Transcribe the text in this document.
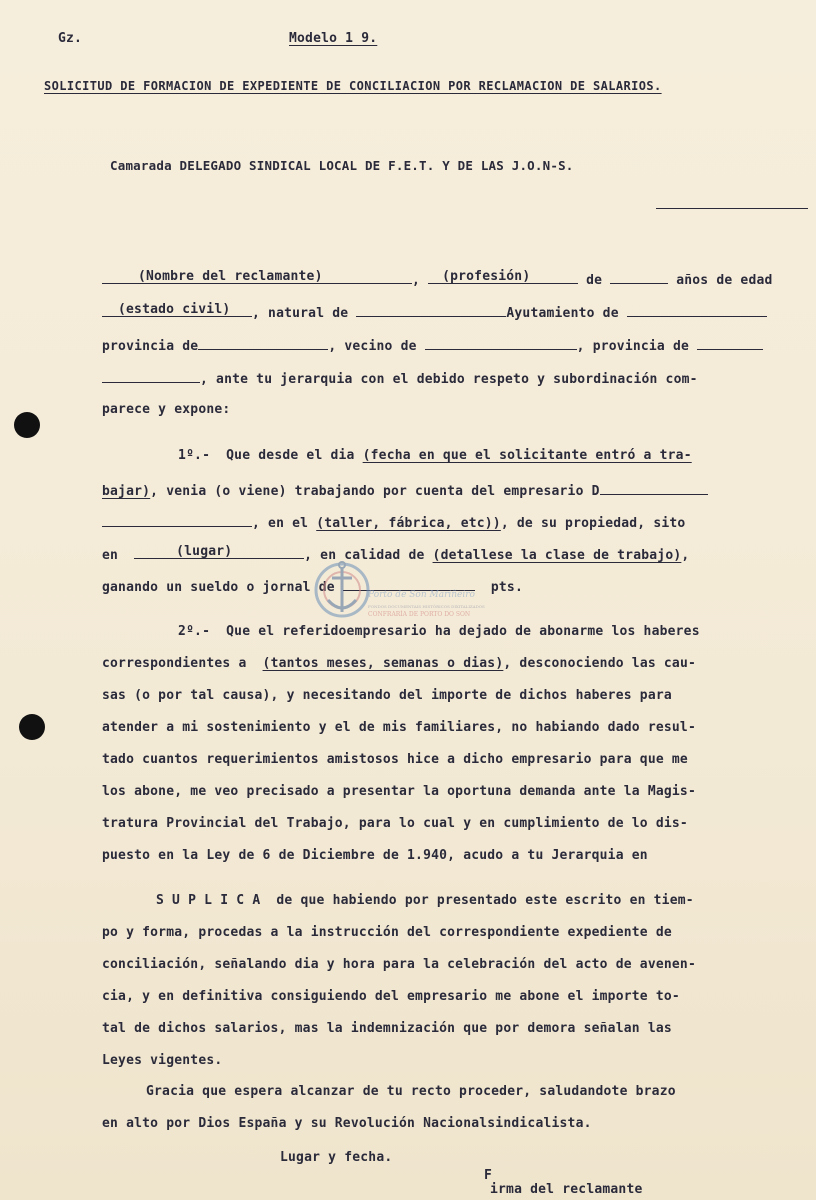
Gz.	Modelo 1 9.
SOLICITUD DE FORMACION DE EXPEDIENTE DE CONCILIACION POR RECLAMACION DE SALARIOS.
Camarada DELEGADO SINDICAL LOCAL DE F.E.T. Y DE LAS J.O.N-S.
(Nombre del reclamante)	, (profesión)	de	años de edad
(estado civil) , natural de	Ayutamiento de
provincia de	, vecino de	, provincia de
, ante tu jerarquia con el debido respeto y subordinación com-
parece y expone:
1º.-  Que desde el dia (fecha en que el solicitante entró a tra-
bajar), venia (o viene) trabajando por cuenta del empresario D
, en el (taller, fábrica, etc)), de su propiedad, sito
en	(lugar)	, en calidad de (detallese la clase de trabajo),
ganando un sueldo o jornal de	pts.
Porto de Son Mariñeiro
FONDOS DOCUMENTAIS HISTÓRICOS DIXITALIZADOS
CONFRARÍA DE PORTO DO SON
2º.-  Que el referidoempresario ha dejado de abonarme los haberes
correspondientes a  (tantos meses, semanas o dias), desconociendo las cau-
sas (o por tal causa), y necesitando del importe de dichos haberes para
atender a mi sostenimiento y el de mis familiares, no habiando dado resul-
tado cuantos requerimientos amistosos hice a dicho empresario para que me
los abone, me veo precisado a presentar la oportuna demanda ante la Magis-
tratura Provincial del Trabajo, para lo cual y en cumplimiento de lo dis-
puesto en la Ley de 6 de Diciembre de 1.940, acudo a tu Jerarquia en
S U P L I C A  de que habiendo por presentado este escrito en tiem-
po y forma, procedas a la instrucción del correspondiente expediente de
conciliación, señalando dia y hora para la celebración del acto de avenen-
cia, y en definitiva consiguiendo del empresario me abone el importe to-
tal de dichos salarios, mas la indemnización que por demora señalan las
Leyes vigentes.
Gracia que espera alcanzar de tu recto proceder, saludandote brazo
en alto por Dios España y su Revolución Nacionalsindicalista.
Lugar y fecha.
F
irma del reclamante
